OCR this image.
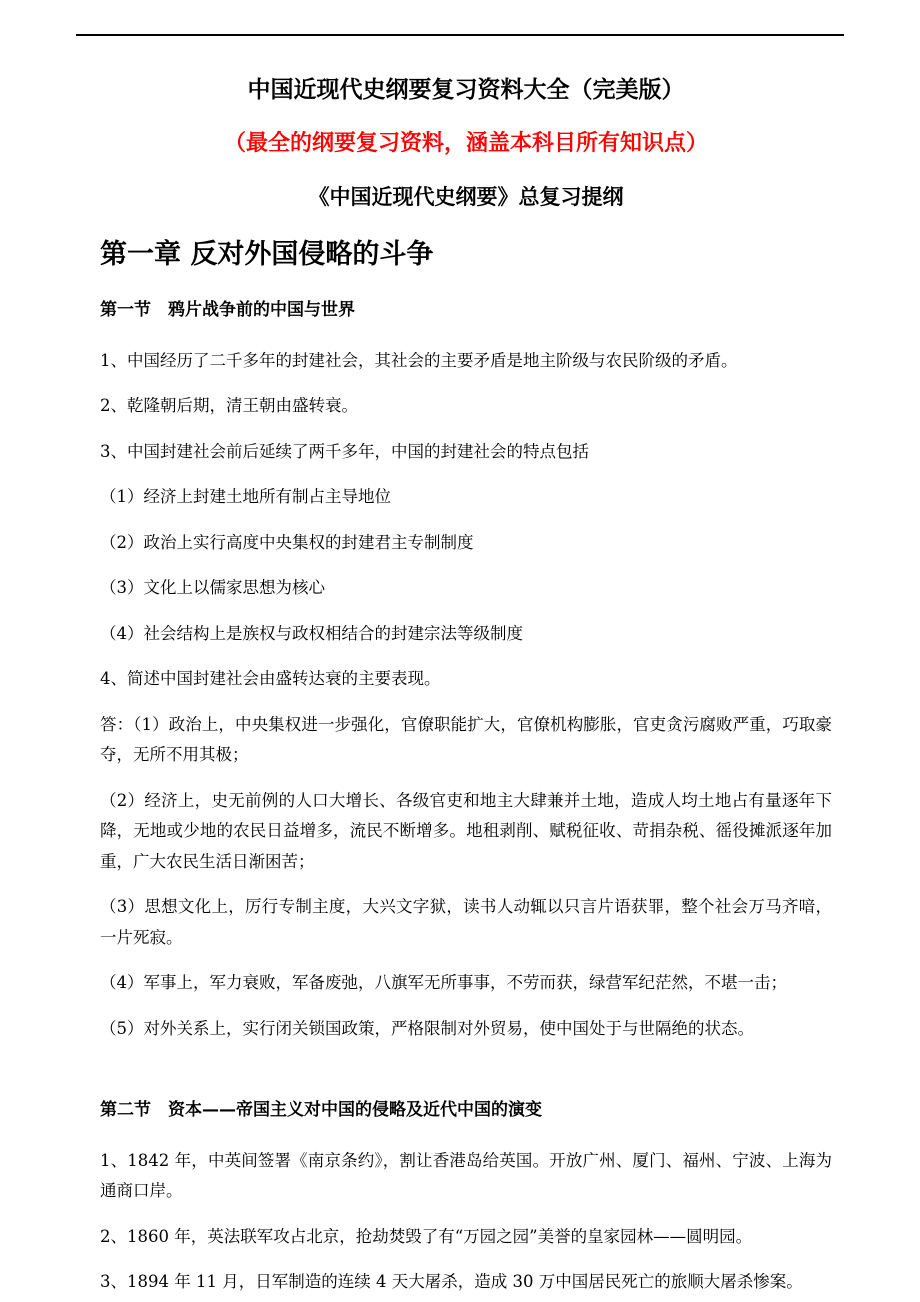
中国近现代史纲要复习资料大全（完美版）
（最全的纲要复习资料，涵盖本科目所有知识点）
《中国近现代史纲要》总复习提纲
第一章 反对外国侵略的斗争
第一节　鸦片战争前的中国与世界

1、中国经历了二千多年的封建社会，其社会的主要矛盾是地主阶级与农民阶级的矛盾。

2、乾隆朝后期，清王朝由盛转衰。

3、中国封建社会前后延续了两千多年，中国的封建社会的特点包括

（1）经济上封建土地所有制占主导地位

（2）政治上实行高度中央集权的封建君主专制制度

（3）文化上以儒家思想为核心

（4）社会结构上是族权与政权相结合的封建宗法等级制度

4、简述中国封建社会由盛转达衰的主要表现。

答：（1）政治上，中央集权进一步强化，官僚职能扩大，官僚机构膨胀，官吏贪污腐败严重，巧取豪夺，无所不用其极；

（2）经济上，史无前例的人口大增长、各级官吏和地主大肆兼并土地，造成人均土地占有量逐年下降，无地或少地的农民日益增多，流民不断增多。地租剥削、赋税征收、苛捐杂税、徭役摊派逐年加重，广大农民生活日渐困苦；

（3）思想文化上，厉行专制主度，大兴文字狱，读书人动辄以只言片语获罪，整个社会万马齐喑，一片死寂。

（4）军事上，军力衰败，军备废弛，八旗军无所事事，不劳而获，绿营军纪茫然，不堪一击；

（5）对外关系上，实行闭关锁国政策，严格限制对外贸易，使中国处于与世隔绝的状态。

第二节　资本——帝国主义对中国的侵略及近代中国的演变

1、1842 年，中英间签署《南京条约》，割让香港岛给英国。开放广州、厦门、福州、宁波、上海为通商口岸。

2、1860 年，英法联军攻占北京，抢劫焚毁了有“万园之园”美誉的皇家园林——圆明园。

3、1894 年 11 月，日军制造的连续 4 天大屠杀，造成 30 万中国居民死亡的旅顺大屠杀惨案。
